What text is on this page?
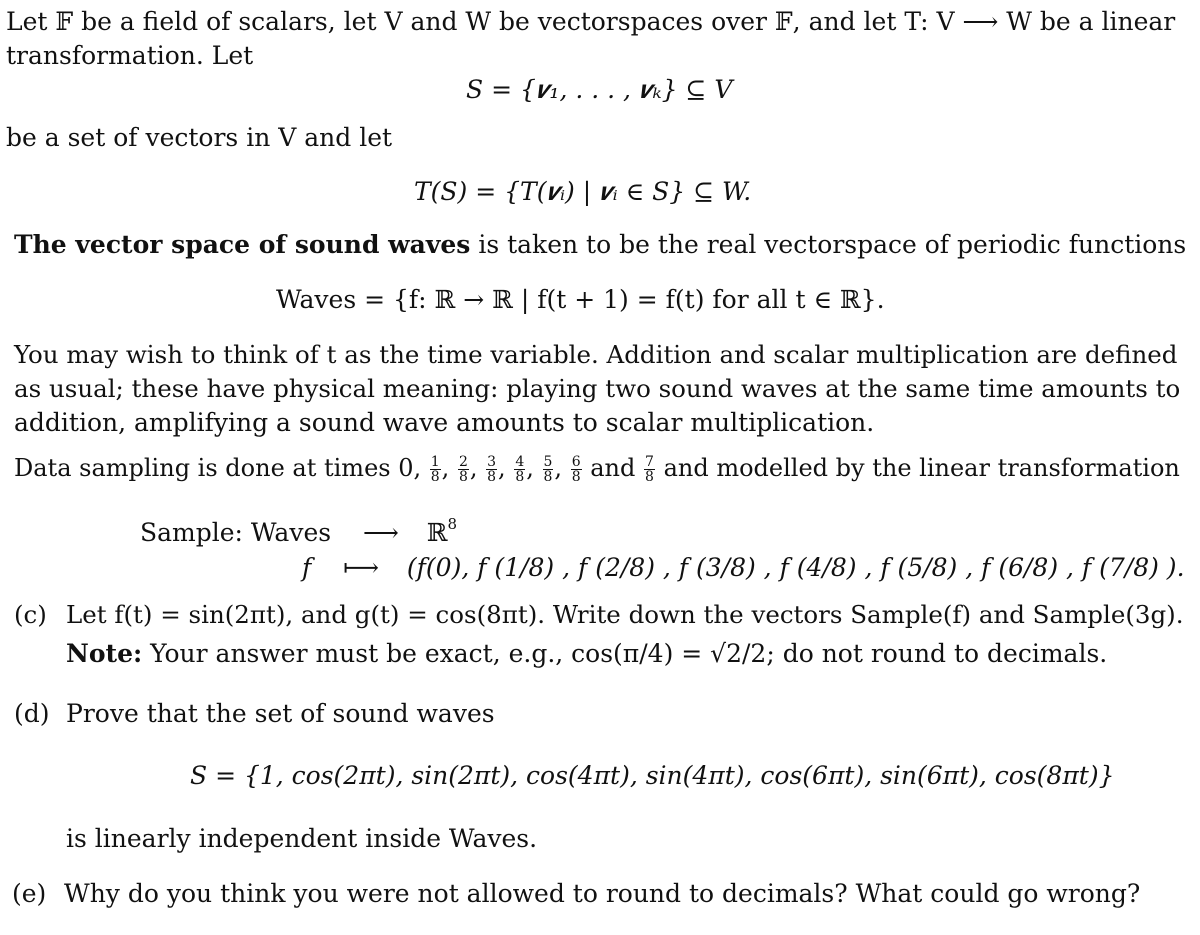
Let 𝔽 be a field of scalars, let V and W be vectorspaces over 𝔽, and let T: V ⟶ W be a linear
transformation. Let
S = {𝒗₁, . . . , 𝒗ₖ} ⊆ V
be a set of vectors in V and let
T(S) = {T(𝒗ᵢ) | 𝒗ᵢ ∈ S} ⊆ W.
The vector space of sound waves is taken to be the real vectorspace of periodic functions
Waves = {f: ℝ → ℝ | f(t + 1) = f(t) for all t ∈ ℝ}.
You may wish to think of t as the time variable. Addition and scalar multiplication are defined
as usual; these have physical meaning: playing two sound waves at the same time amounts to
addition, amplifying a sound wave amounts to scalar multiplication.
Data sampling is done at times 0, $\frac{1}{8}$ , $\frac{2}{8}$ , $\frac{3}{8}$ , $\frac{4}{8}$ , $\frac{5}{8}$ , $\frac{6}{8}$ and $\frac{7}{8}$ and modelled by the linear transformation
Sample: Waves ⟶ ℝ$^8$
f ⟼ (f(0), f (1/8) , f (2/8) , f (3/8) , f (4/8) , f (5/8) , f (6/8) , f (7/8) ).
(c) Let f(t) = sin(2πt), and g(t) = cos(8πt). Write down the vectors Sample(f) and Sample(3g).
Note: Your answer must be exact, e.g., cos(π/4) = √2/2; do not round to decimals.
(d) Prove that the set of sound waves
S = {1, cos(2πt), sin(2πt), cos(4πt), sin(4πt), cos(6πt), sin(6πt), cos(8πt)}
is linearly independent inside Waves.
(e) Why do you think you were not allowed to round to decimals? What could go wrong?
